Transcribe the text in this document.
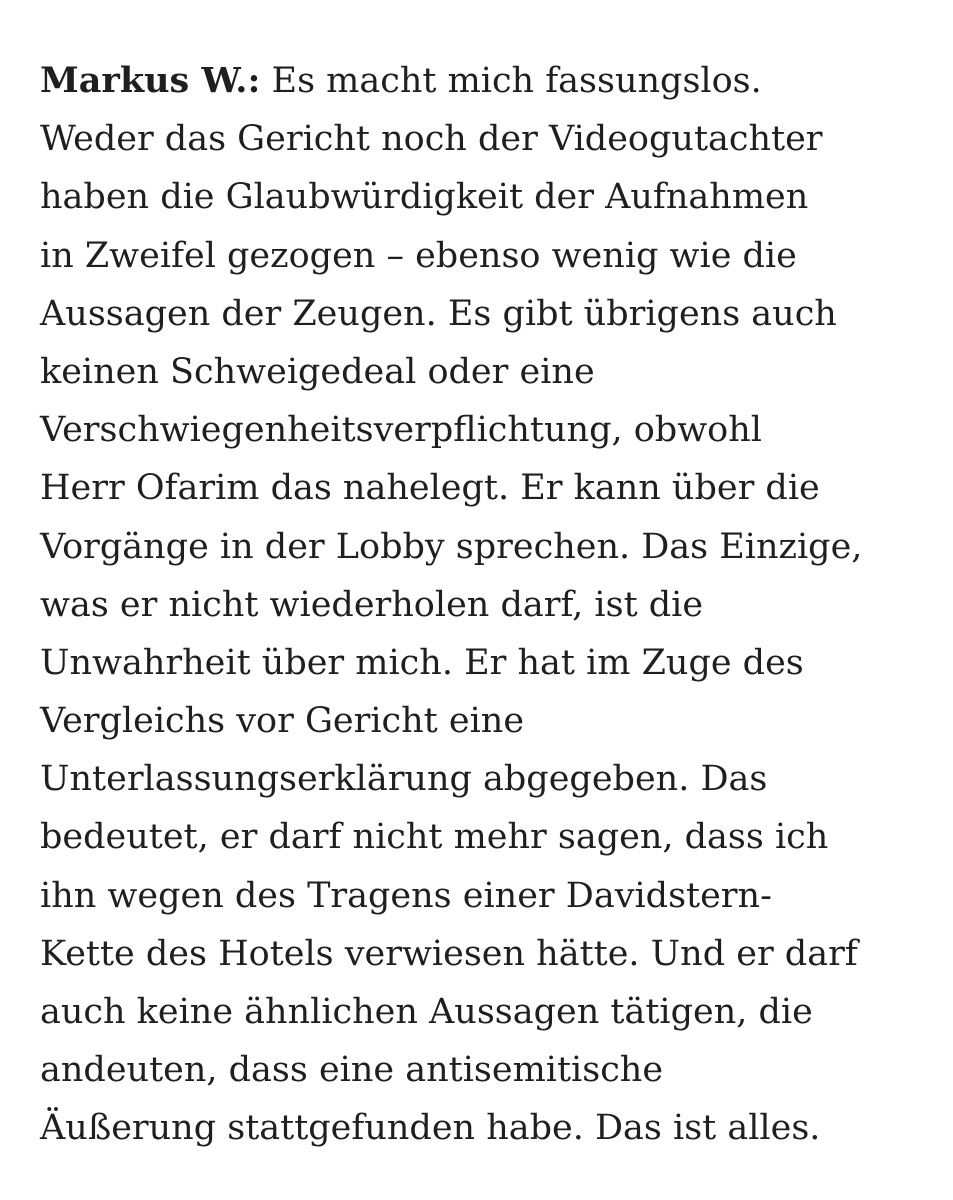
Markus W.: Es macht mich fassungslos.
Weder das Gericht noch der Videogutachter
haben die Glaubwürdigkeit der Aufnahmen
in Zweifel gezogen – ebenso wenig wie die
Aussagen der Zeugen. Es gibt übrigens auch
keinen Schweigedeal oder eine
Verschwiegenheitsverpflichtung, obwohl
Herr Ofarim das nahelegt. Er kann über die
Vorgänge in der Lobby sprechen. Das Einzige,
was er nicht wiederholen darf, ist die
Unwahrheit über mich. Er hat im Zuge des
Vergleichs vor Gericht eine
Unterlassungserklärung abgegeben. Das
bedeutet, er darf nicht mehr sagen, dass ich
ihn wegen des Tragens einer Davidstern-
Kette des Hotels verwiesen hätte. Und er darf
auch keine ähnlichen Aussagen tätigen, die
andeuten, dass eine antisemitische
Äußerung stattgefunden habe. Das ist alles.
